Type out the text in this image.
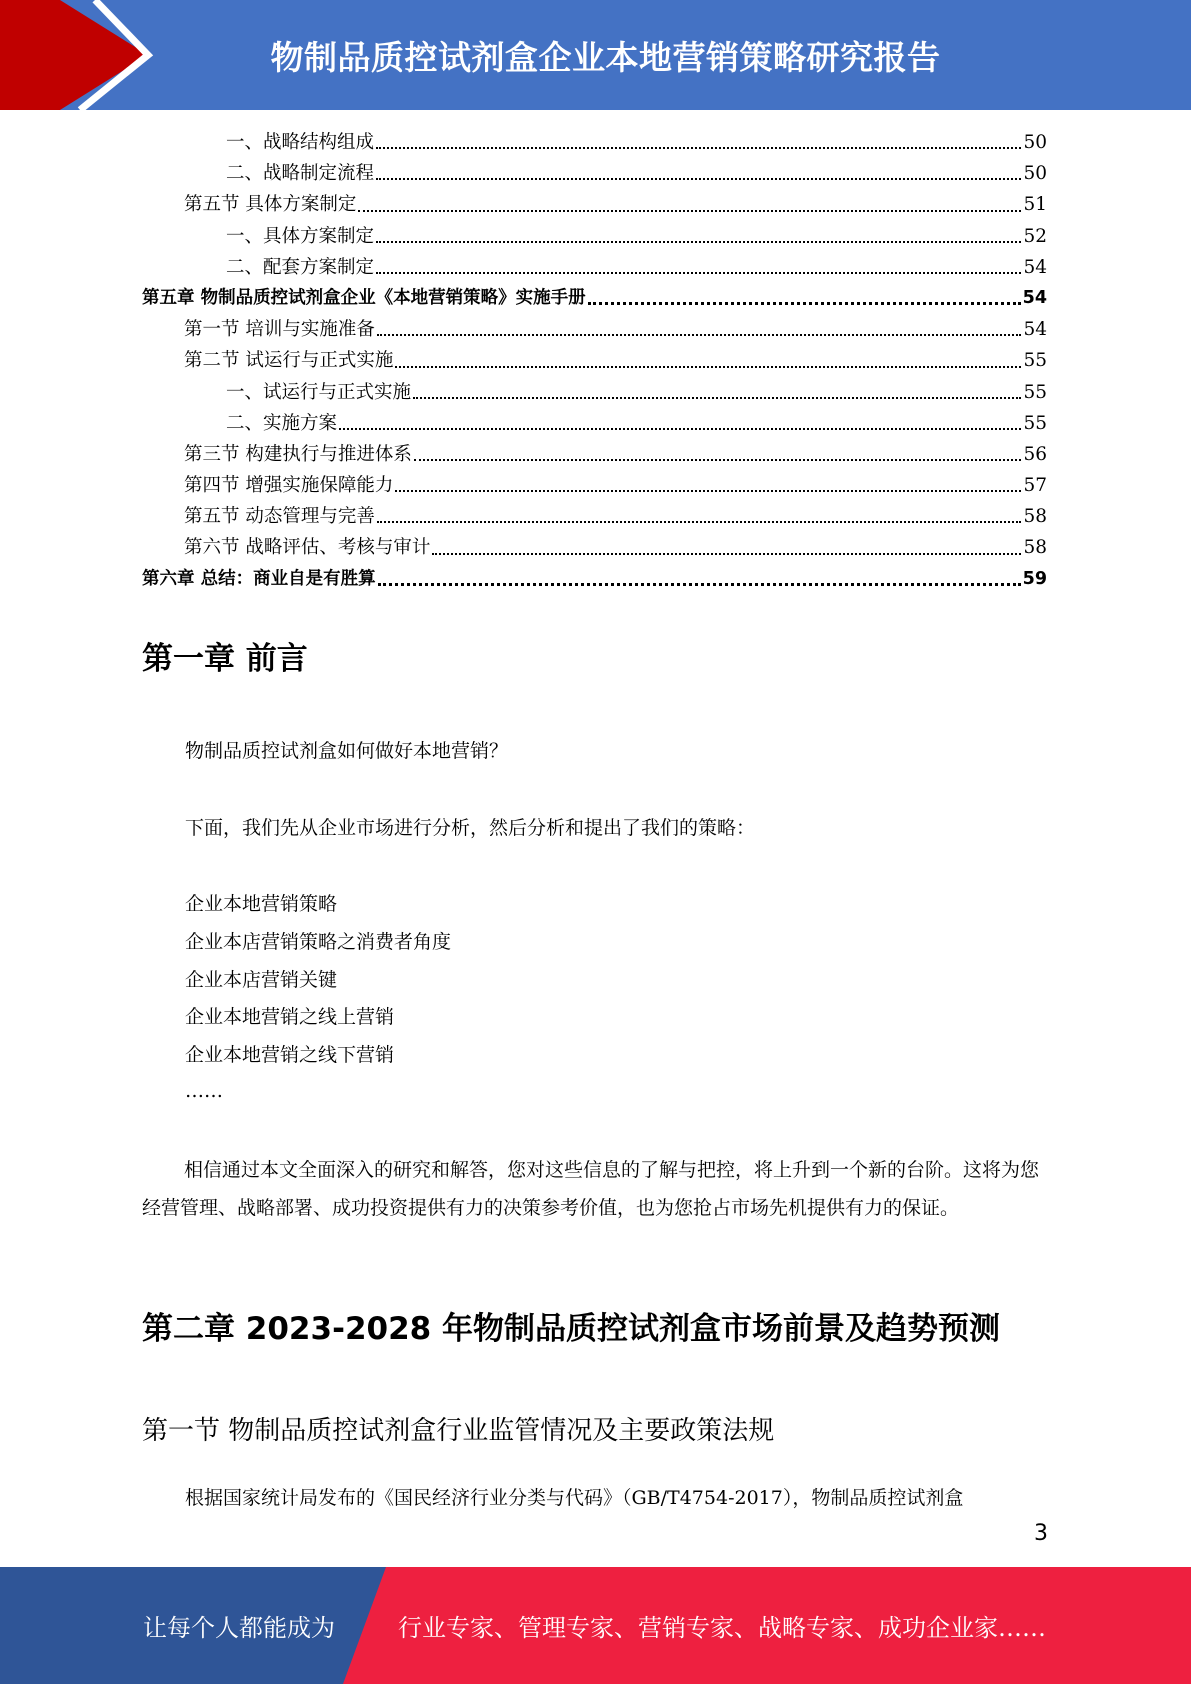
物制品质控试剂盒企业本地营销策略研究报告
一、战略结构组成	50
二、战略制定流程	50
第五节 具体方案制定	51
一、具体方案制定	52
二、配套方案制定	54
第五章 物制品质控试剂盒企业《本地营销策略》实施手册	54
第一节 培训与实施准备	54
第二节 试运行与正式实施	55
一、试运行与正式实施	55
二、实施方案	55
第三节 构建执行与推进体系	56
第四节 增强实施保障能力	57
第五节 动态管理与完善	58
第六节 战略评估、考核与审计	58
第六章 总结：商业自是有胜算	59
第一章 前言
物制品质控试剂盒如何做好本地营销？
下面，我们先从企业市场进行分析，然后分析和提出了我们的策略：
企业本地营销策略
企业本店营销策略之消费者角度
企业本店营销关键
企业本地营销之线上营销
企业本地营销之线下营销
……
相信通过本文全面深入的研究和解答，您对这些信息的了解与把控，将上升到一个新的台阶。这将为您经营管理、战略部署、成功投资提供有力的决策参考价值，也为您抢占市场先机提供有力的保证。
第二章 2023-2028 年物制品质控试剂盒市场前景及趋势预测
第一节 物制品质控试剂盒行业监管情况及主要政策法规
根据国家统计局发布的《国民经济行业分类与代码》（GB/T4754-2017），物制品质控试剂盒
3
让每个人都能成为	行业专家、管理专家、营销专家、战略专家、成功企业家……
